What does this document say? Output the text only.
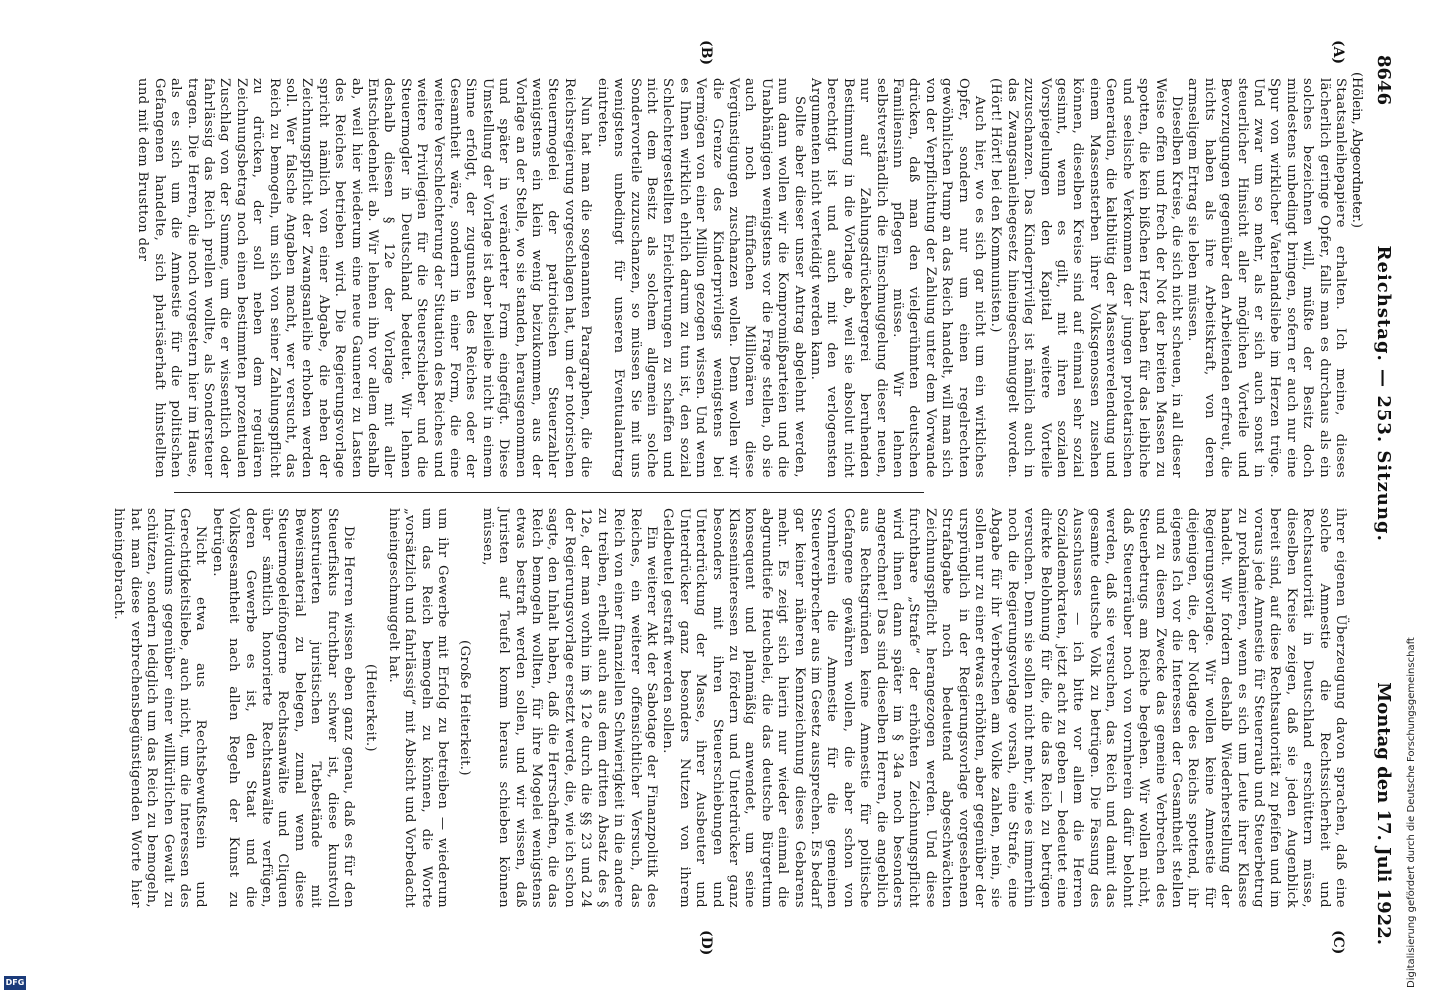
8646
Reichstag. — 253. Sitzung.
Montag den 17. Juli 1922.
(Hölein, Abgeordneter.)
(A)
(B)
(C)
(D)

Staatsanleihepapiere erhalten. Ich meine, dieses lächerlich geringe Opfer, falls man es durchaus als ein solches bezeichnen will, müßte der Besitz doch mindestens unbedingt bringen, sofern er auch nur eine Spur von wirklicher Vaterlandsliebe im Herzen trüge. Und zwar um so mehr, als er sich auch sonst in steuerlicher Hinsicht aller möglichen Vorteile und Bevorzugungen gegenüber den Arbeitenden erfreut, die nichts haben als ihre Arbeitskraft, von deren armseligem Ertrag sie leben müssen.

Dieselben Kreise, die sich nicht scheuen, in all dieser Weise offen und frech der Not der breiten Massen zu spotten, die kein bißchen Herz haben für das leibliche und seelische Verkommen der jungen proletarischen Generation, die kaltblütig der Massenverelendung und einem Massensterben ihrer Volksgenossen zusehen können, dieselben Kreise sind auf einmal sehr sozial gesinnt, wenn es gilt, mit ihren sozialen Vorspiegelungen den Kapital weitere Vorteile zuzuschanzen. Das Kinderprivileg ist nämlich auch in das Zwangsanleihegesetz hineingeschmuggelt worden. (Hört! Hört! bei den Kommunisten.)

Auch hier, wo es sich gar nicht um ein wirkliches Opfer, sondern nur um einen regelrechten gewöhnlichen Pump an das Reich handelt, will man sich von der Verpflichtung der Zahlung unter dem Vorwande drücken, daß man den vielgerühmten deutschen Familiensinn pflegen müsse. Wir lehnen selbstverständlich die Einschmuggelung dieser neuen, nur auf Zahlungsdrückebergerei beruhenden Bestimmung in die Vorlage ab, weil sie absolut nicht berechtigt ist und auch mit den verlogensten Argumenten nicht verteidigt werden kann.

Sollte aber dieser unser Antrag abgelehnt werden, nun dann wollen wir die Kompromißparteien und die Unabhängigen wenigstens vor die Frage stellen, ob sie auch noch fünffachen Millionären diese Vergünstigungen zuschanzen wollen. Denn wollen wir die Grenze des Kinderprivilegs wenigstens bei Vermögen von einer Million gezogen wissen. Und wenn es Ihnen wirklich ehrlich darum zu tun ist, den sozial Schlechtergestellten Erleichterungen zu schaffen und nicht dem Besitz als solchem allgemein solche Sondervorteile zuzuschanzen, so müssen Sie mit uns wenigstens unbedingt für unseren Eventualantrag eintreten.

Nun hat man die sogenannten Paragraphen, die die Reichsregierung vorgeschlagen hat, um der notorischen Steuermogelei der patriotischen Steuerzahler wenigstens ein klein wenig beizukommen, aus der Vorlage an der Stelle, wo sie standen, herausgenommen und später in veränderter Form eingefügt. Diese Umstellung der Vorlage ist aber beileibe nicht in einem Sinne erfolgt, der zugunsten des Reiches oder der Gesamtheit wäre, sondern in einer Form, die eine weitere Verschlechterung der Situation des Reiches und weitere Privilegien für die Steuerschieber und die Steuermogler in Deutschland bedeutet. Wir lehnen deshalb diesen § 12e der Vorlage mit aller Entschiedenheit ab. Wir lehnen ihn vor allem deshalb ab, weil hier wiederum eine neue Gaunerei zu Lasten des Reiches betrieben wird. Die Regierungsvorlage spricht nämlich von einer Abgabe, die neben der Zeichnungspflicht der Zwangsanleihe erhoben werden soll. Wer falsche Angaben macht, wer versucht, das Reich zu bemogeln, um sich von seiner Zahlungspflicht zu drücken, der soll neben dem regulären Zeichnungsbetrag noch einen bestimmten prozentualen Zuschlag von der Summe, um die er wissentlich oder fahrlässig das Reich prellen wollte, als Sondersteuer tragen. Die Herren, die noch vorgestern hier im Hause, als es sich um die Amnestie für die politischen Gefangenen handelte, sich pharisäerhaft hinstellten und mit dem Brustton der

ihrer eigenen Überzeugung davon sprachen, daß eine solche Amnestie die Rechtssicherheit und Rechtsautorität in Deutschland erschüttern müsse, dieselben Kreise zeigen, daß sie jeden Augenblick bereit sind, auf diese Rechtsautorität zu pfeifen und im voraus jede Amnestie für Steuerraub und Steuerbetrug zu proklamieren, wenn es sich um Leute ihrer Klasse handelt. Wir fordern deshalb Wiederherstellung der Regierungsvorlage. Wir wollen keine Amnestie für diejenigen, die, der Notlage des Reichs spottend, ihr eigenes Ich vor die Interessen der Gesamtheit stellen und zu diesem Zwecke das gemeine Verbrechen des Steuerbetrugs am Reiche begehen. Wir wollen nicht, daß Steuerräuber noch von vornherein dafür belohnt werden, daß sie versuchen, das Reich und damit das gesamte deutsche Volk zu betrügen. Die Fassung des Ausschusses — ich bitte vor allem die Herren Sozialdemokraten, jetzt acht zu geben — bedeutet eine direkte Belohnung für die, die das Reich zu betrügen versuchen. Denn sie sollen nicht mehr, wie es immerhin noch die Regierungsvorlage vorsah, eine Strafe, eine Abgabe für ihr Verbrechen am Volke zahlen, nein, sie sollen nur zu einer etwas erhöhten, aber gegenüber der ursprünglich in der Regierungsvorlage vorgesehenen Strafabgabe noch bedeutend abgeschwächten Zeichnungspflicht herangezogen werden. Und diese furchtbare „Strafe“ der erhöhten Zeichnungspflicht wird ihnen dann später im § 34a noch besonders angerechnet! Das sind dieselben Herren, die angeblich aus Rechtsgründen keine Amnestie für politische Gefangene gewähren wollen, die aber schon von vornherein die Amnestie für die gemeinen Steuerverbrecher aus im Gesetz aussprechen. Es bedarf gar keiner näheren Kennzeichnung dieses Gebarens mehr. Es zeigt sich hierin nur wieder einmal die abgrundtiefe Heuchelei, die das deutsche Bürgertum konsequent und planmäßig anwendet, um seine Klasseninteressen zu fördern und Unterdrücker ganz besonders mit ihren Steuerschiebungen und Unterdrückung der Masse, ihrer Ausbeuter und Unterdrücker ganz besonders Nutzen von ihrem Geldbeutel gestraft werden sollen.

Ein weiterer Akt der Sabotage der Finanzpolitik des Reiches, ein weiterer offensichtlicher Versuch, das Reich von einer finanziellen Schwierigkeit in die andere zu treiben, erhellt auch aus dem dritten Absatz des § 12e, der man vorhin im § 12e durch die §§ 23 und 24 der Regierungsvorlage ersetzt werde, die, wie ich schon sagte, den Inhalt haben, daß die Herrschaften, die das Reich bemogeln wollten, für ihre Mogelei wenigstens etwas bestraft werden sollen, und wir wissen, daß Juristen auf Teufel komm heraus schieben können müssen,

(Große Heiterkeit.)

um ihr Gewerbe mit Erfolg zu betreiben — wiederum um das Reich bemogeln zu können, die Worte „vorsätzlich und fahrlässig“ mit Absicht und Vorbedacht hineingeschmuggelt hat.

(Heiterkeit.)

Die Herren wissen eben ganz genau, daß es für den Steuerfiskus furchtbar schwer ist, diese kunstvoll konstruierten juristischen Tatbestände mit Beweismaterial zu belegen, zumal wenn diese Steuermogeleifongerne Rechtsanwälte und Cliquen über sämtlich honorierte Rechtsanwälte verfügen, deren Gewerbe es ist, den Staat und die Volksgesamtheit nach allen Regeln der Kunst zu betrügen.

Nicht etwa aus Rechtsbewußtsein und Gerechtigkeitsliebe, auch nicht, um die Interessen des Individuums gegenüber einer willkürlichen Gewalt zu schützen, sondern lediglich um das Reich zu bemogeln, hat man diese verbrechensbegünstigenden Worte hier hineingebracht.

Digitalisierung gefördert durch die Deutsche Forschungsgemeinschaft
DFG
